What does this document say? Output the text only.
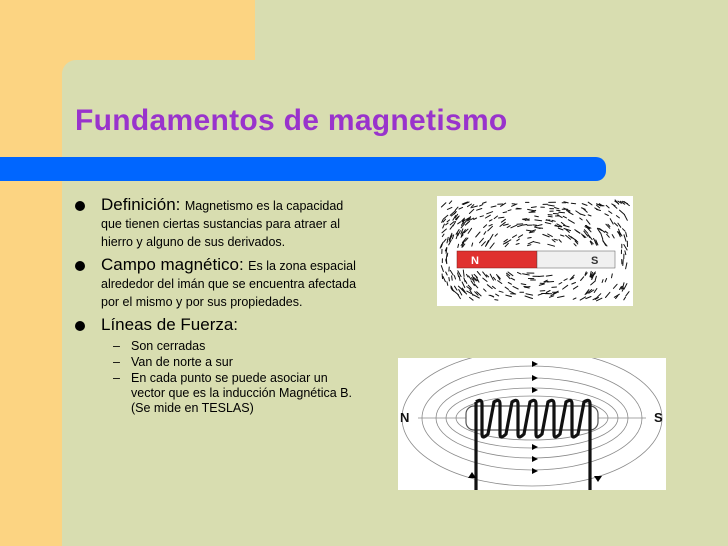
Fundamentos de magnetismo
Definición: Magnetismo es la capacidad que tienen ciertas sustancias para atraer al hierro y alguno de sus derivados.
Campo magnético: Es la zona espacial alrededor del imán que se encuentra afectada por el mismo y por sus propiedades.
Líneas de Fuerza:
– Son cerradas
– Van de norte a sur
– En cada punto se puede asociar un vector que es la inducción Magnética B. (Se mide en TESLAS)
N	S
N	S
